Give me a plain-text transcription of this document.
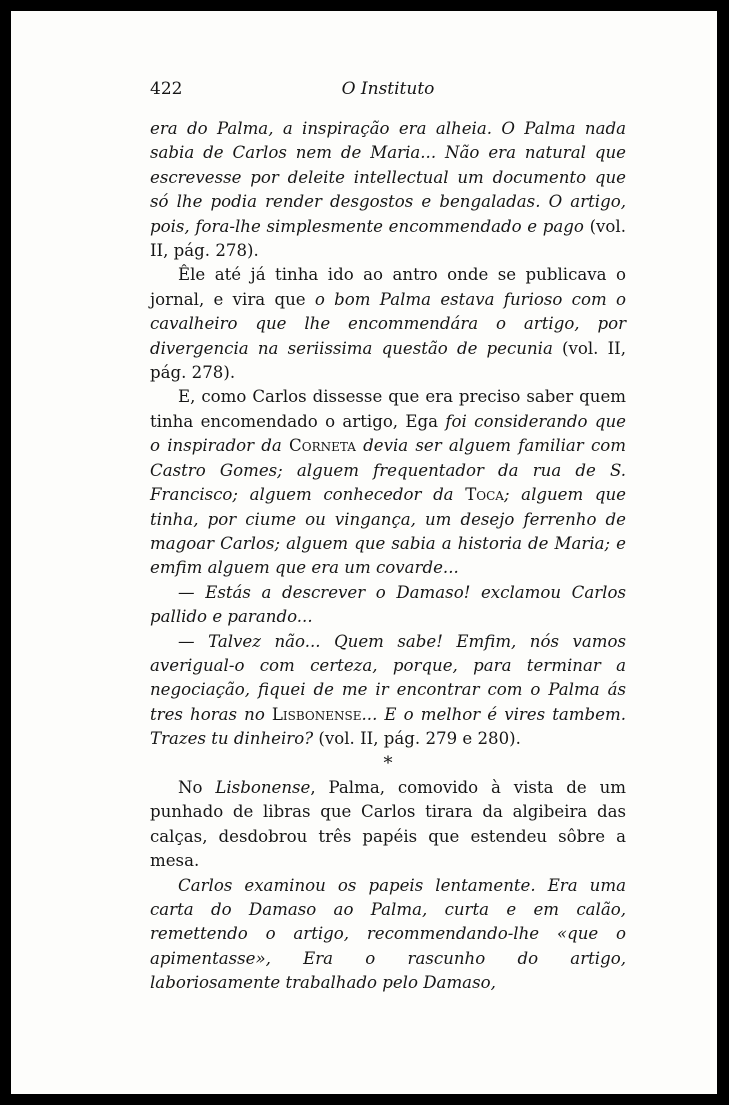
422	O Instituto

era do Palma, a inspiração era alheia. O Palma nada sabia de Carlos nem de Maria... Não era natural que escrevesse por deleite intellectual um documento que só lhe podia render desgostos e bengaladas. O artigo, pois, fora-lhe simplesmente encommendado e pago (vol. II, pág. 278).

Êle até já tinha ido ao antro onde se publicava o jornal, e vira que o bom Palma estava furioso com o cavalheiro que lhe encommendára o artigo, por divergencia na seriissima questão de pecunia (vol. II, pág. 278).

E, como Carlos dissesse que era preciso saber quem tinha encomendado o artigo, Ega foi considerando que o inspirador da Corneta devia ser alguem familiar com Castro Gomes; alguem frequentador da rua de S. Francisco; alguem conhecedor da Toca; alguem que tinha, por ciume ou vingança, um desejo ferrenho de magoar Carlos; alguem que sabia a historia de Maria; e emfim alguem que era um covarde...

— Estás a descrever o Damaso! exclamou Carlos pallido e parando...

— Talvez não... Quem sabe! Emfim, nós vamos averigual-o com certeza, porque, para terminar a negociação, fiquei de me ir encontrar com o Palma ás tres horas no Lisbonense... E o melhor é vires tambem. Trazes tu dinheiro? (vol. II, pág. 279 e 280).

*

No Lisbonense, Palma, comovido à vista de um punhado de libras que Carlos tirara da algibeira das calças, desdobrou três papéis que estendeu sôbre a mesa.

Carlos examinou os papeis lentamente. Era uma carta do Damaso ao Palma, curta e em calão, remettendo o artigo, recommendando-lhe «que o apimentasse», Era o rascunho do artigo, laboriosamente trabalhado pelo Damaso,
